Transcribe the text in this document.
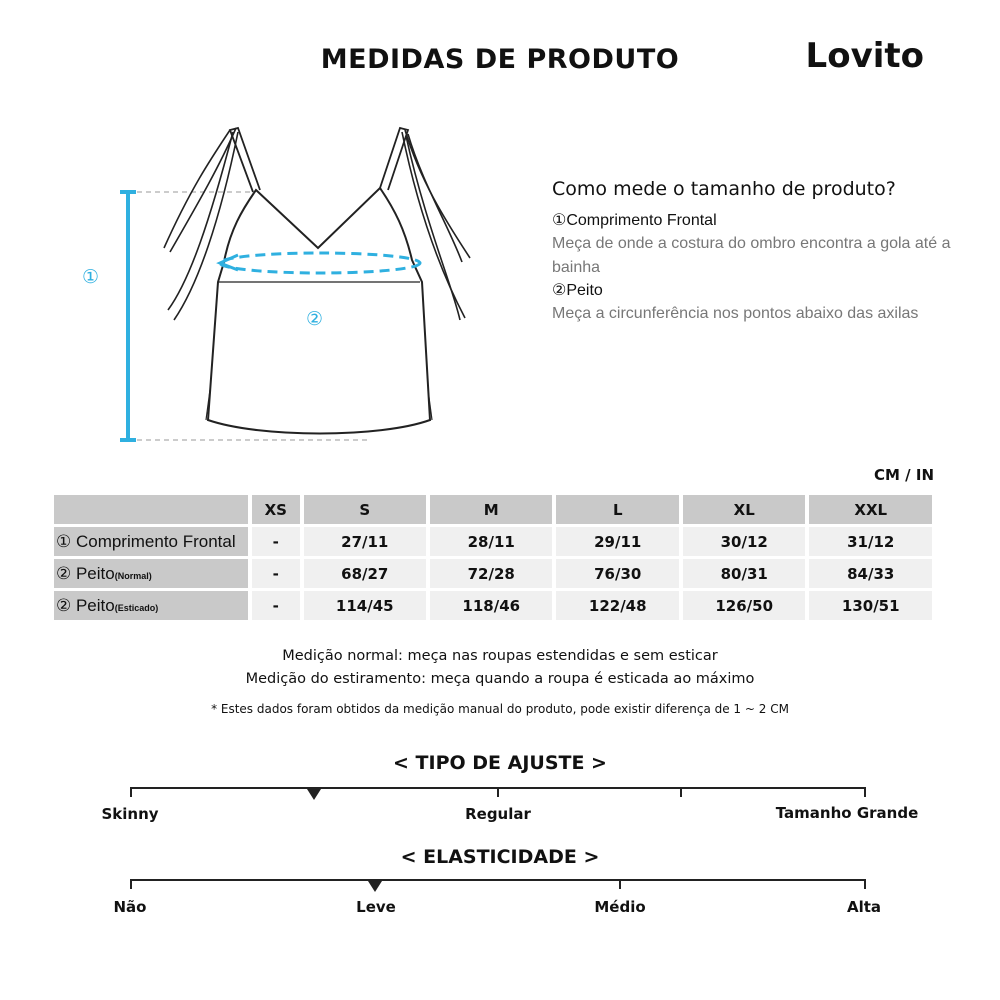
MEDIDAS DE PRODUTO	Lovito
①
②
Como mede o tamanho de produto?
①Comprimento Frontal
Meça de onde a costura do ombro encontra a gola até a bainha
②Peito
Meça a circunferência nos pontos abaixo das axilas
CM / IN
	XS	S	M	L	XL	XXL
① Comprimento Frontal	-	27/11	28/11	29/11	30/12	31/12
② Peito(Normal)	-	68/27	72/28	76/30	80/31	84/33
② Peito(Esticado)	-	114/45	118/46	122/48	126/50	130/51
Medição normal: meça nas roupas estendidas e sem esticar
Medição do estiramento: meça quando a roupa é esticada ao máximo
* Estes dados foram obtidos da medição manual do produto, pode existir diferença de 1 ~ 2 CM
< TIPO DE AJUSTE >
Skinny	Regular	Tamanho Grande
< ELASTICIDADE >
Não	Leve	Médio	Alta
